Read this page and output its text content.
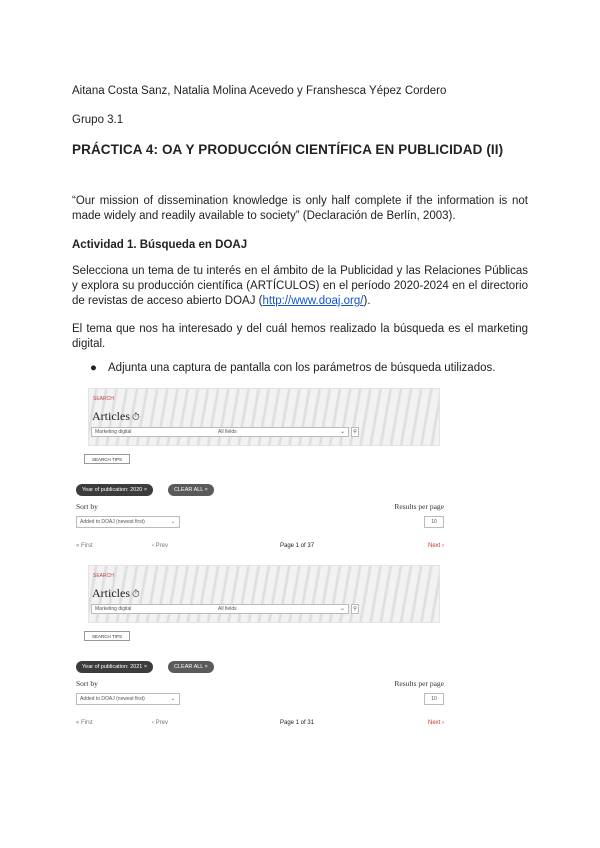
Aitana Costa Sanz, Natalia Molina Acevedo y Franshesca Yépez Cordero

Grupo 3.1

PRÁCTICA 4: OA Y PRODUCCIÓN CIENTÍFICA EN PUBLICIDAD (II)

“Our mission of dissemination knowledge is only half complete if the information is not made widely and readily available to society” (Declaración de Berlín, 2003).

Actividad 1. Búsqueda en DOAJ

Selecciona un tema de tu interés en el ámbito de la Publicidad y las Relaciones Públicas y explora su producción científica (ARTÍCULOS) en el período 2020-2024 en el directorio de revistas de acceso abierto DOAJ (http://www.doaj.org/).

El tema que nos ha interesado y del cuál hemos realizado la búsqueda es el marketing digital.

● Adjunta una captura de pantalla con los parámetros de búsqueda utilizados.
SEARCH
Articles ⏱
Marketing digital	All fields	⌄	⚲
SEARCH TIPS
Year of publication: 2020 ×	CLEAR ALL ×
Sort by
Added to DOAJ (newest first)	⌄
Results per page
10
« First	‹ Prev	Page 1 of 37	Next ›
SEARCH
Articles ⏱
Marketing digital	All fields	⌄	⚲
SEARCH TIPS
Year of publication: 2021 ×	CLEAR ALL ×
Sort by
Added to DOAJ (newest first)	⌄
Results per page
10
« First	‹ Prev	Page 1 of 31	Next ›
